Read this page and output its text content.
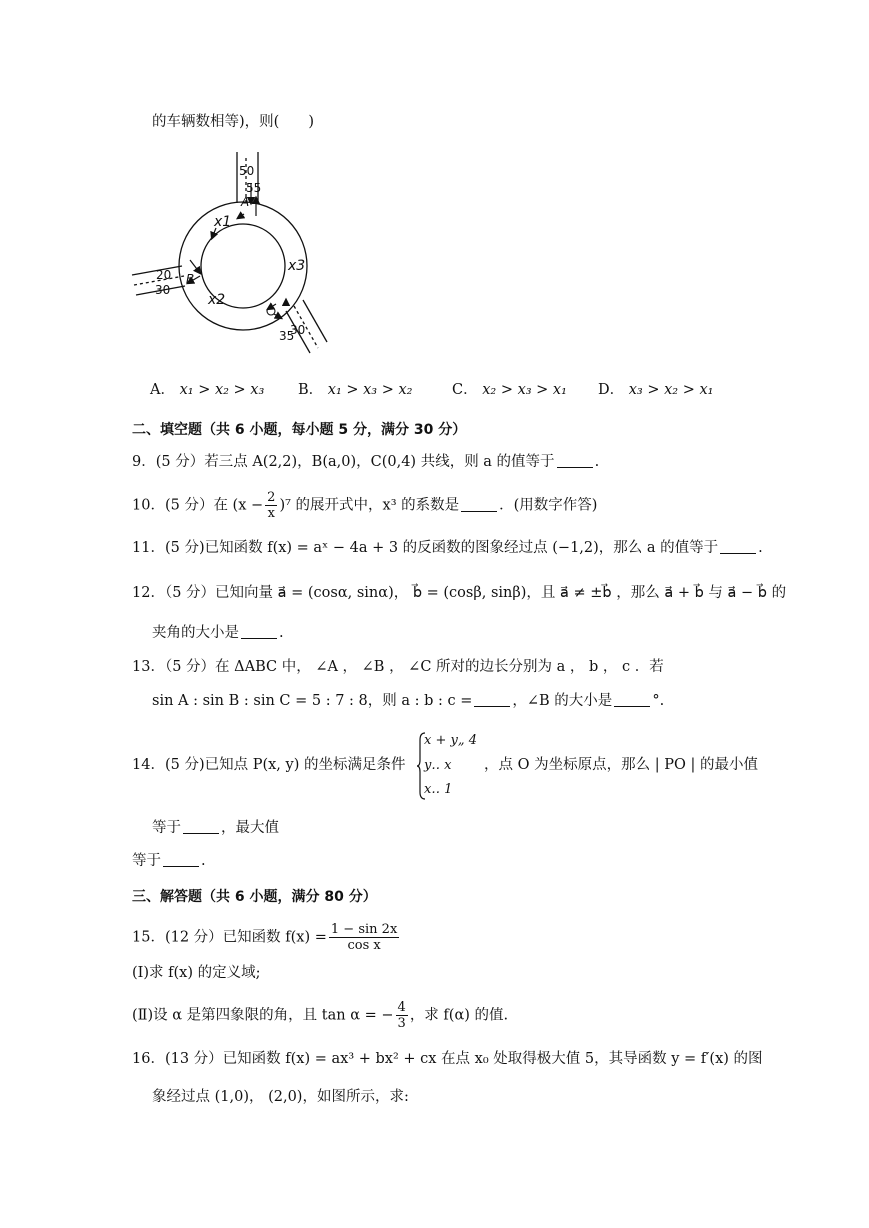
的车辆数相等)，则(　　)
50
55
A
x1
x3
20
30
B
x2
30
35
A． x₁ > x₂ > x₃ B． x₁ > x₃ > x₂	C． x₂ > x₃ > x₁ D． x₃ > x₂ > x₁
二、填空题（共 6 小题，每小题 5 分，满分 30 分）
9．(5 分）若三点 A(2,2)，B(a,0)，C(0,4) 共线，则 a 的值等于	.
10．(5 分）在 $(x - \frac{2}{x} )^7$ 的展开式中，x³ 的系数是	．(用数字作答)
11．(5 分)已知函数 f(x) = aˣ − 4a + 3 的反函数的图象经过点 (−1,2)，那么 a 的值等于	.
12．（5 分）已知向量 a⃗ = (cosα, sinα)， b⃗ = (cosβ, sinβ)，且 a⃗ ≠ ±b⃗ ，那么 a⃗ + b⃗ 与 a⃗ − b⃗ 的
夹角的大小是	.
13．（5 分）在 ΔABC 中， ∠A ， ∠B ， ∠C 所对的边长分别为 a ， b ， c ．若
sin A : sin B : sin C = 5 : 7 : 8，则 a : b : c =	，∠B 的大小是	°.
14．(5 分)已知点 P(x, y) 的坐标满足条件
x + y„ 4
y‥ x
x‥ 1
，点 O 为坐标原点，那么 | PO | 的最小值
等于	，最大值
等于	.
三、解答题（共 6 小题，满分 80 分）
15．(12 分）已知函数 $f(x) = \frac{1 - \sin 2x}{\text{cos x}}$
(Ⅰ)求 f(x) 的定义域;
(Ⅱ)设 α 是第四象限的角，且 tan α = − $\frac{4}{3}$ ，求 f(α) 的值.
16．(13 分）已知函数 f(x) = ax³ + bx² + cx 在点 x₀ 处取得极大值 5，其导函数 y = f′(x) 的图
象经过点 (1,0)， (2,0)，如图所示，求:
